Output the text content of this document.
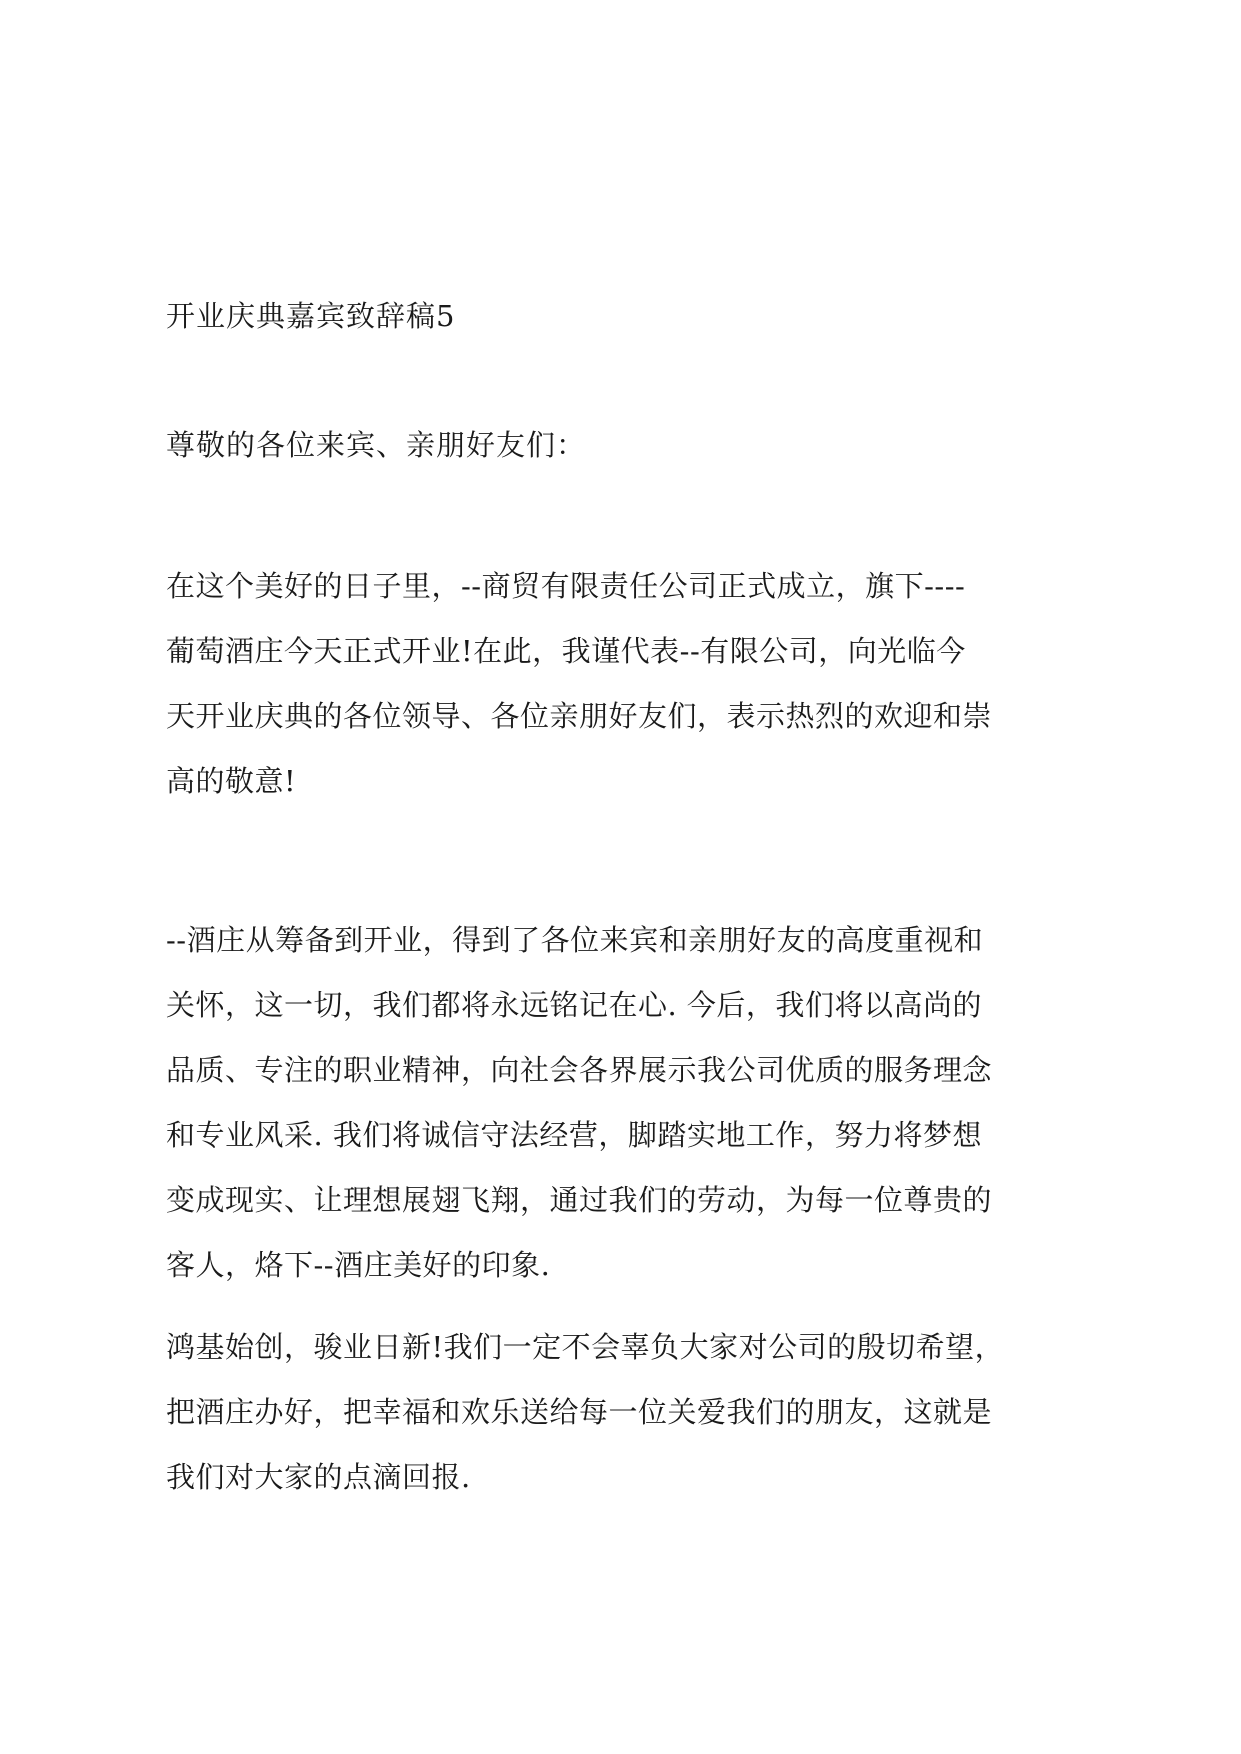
开业庆典嘉宾致辞稿5
尊敬的各位来宾、亲朋好友们：
在这个美好的日子里，--商贸有限责任公司正式成立，旗下----
葡萄酒庄今天正式开业!在此，我谨代表--有限公司，向光临今
天开业庆典的各位领导、各位亲朋好友们，表示热烈的欢迎和崇
高的敬意!
--酒庄从筹备到开业，得到了各位来宾和亲朋好友的高度重视和
关怀，这一切，我们都将永远铭记在心. 今后，我们将以高尚的
品质、专注的职业精神，向社会各界展示我公司优质的服务理念
和专业风采. 我们将诚信守法经营，脚踏实地工作，努力将梦想
变成现实、让理想展翅飞翔，通过我们的劳动，为每一位尊贵的
客人，烙下--酒庄美好的印象.
鸿基始创，骏业日新!我们一定不会辜负大家对公司的殷切希望，
把酒庄办好，把幸福和欢乐送给每一位关爱我们的朋友，这就是
我们对大家的点滴回报.
